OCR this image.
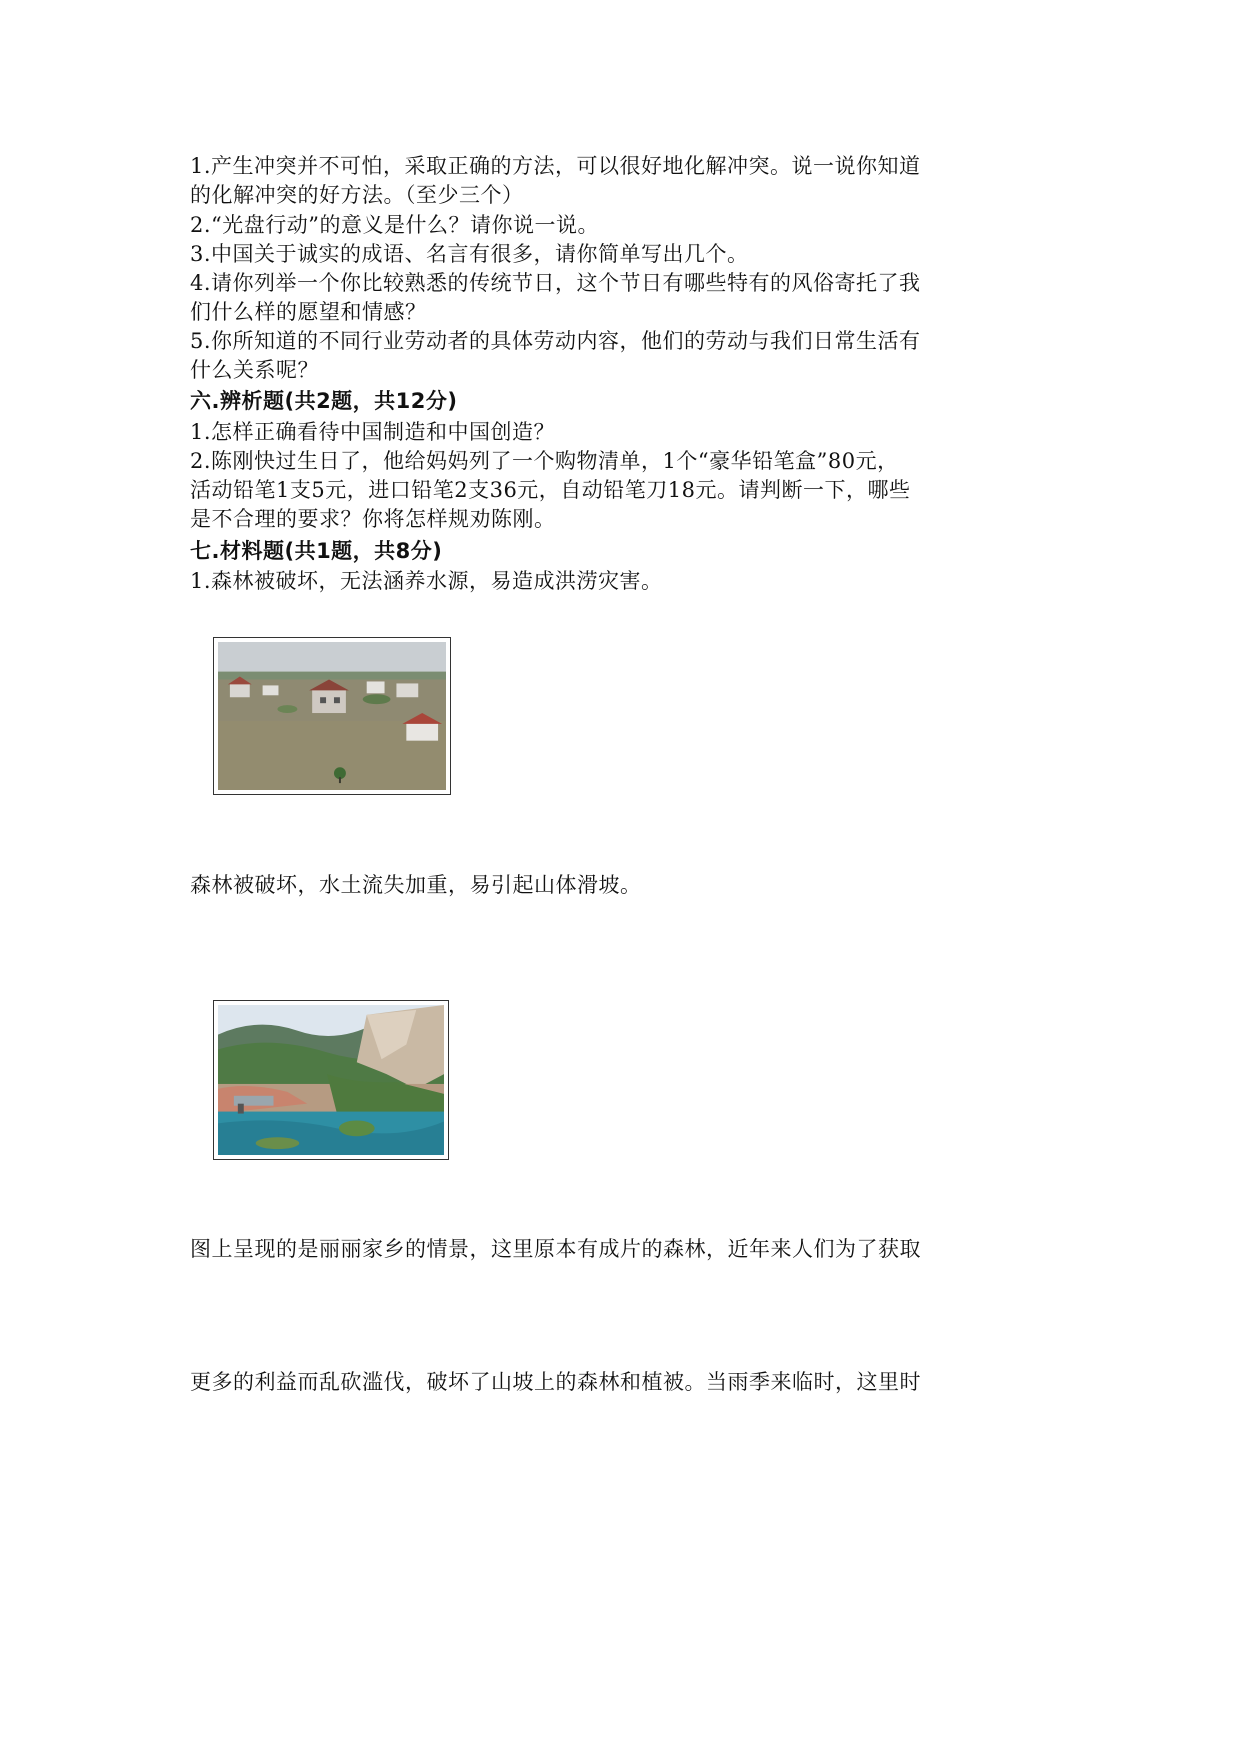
1.产生冲突并不可怕，采取正确的方法，可以很好地化解冲突。说一说你知道
的化解冲突的好方法。（至少三个）
2.“光盘行动”的意义是什么？请你说一说。
3.中国关于诚实的成语、名言有很多，请你简单写出几个。
4.请你列举一个你比较熟悉的传统节日，这个节日有哪些特有的风俗寄托了我
们什么样的愿望和情感？
5.你所知道的不同行业劳动者的具体劳动内容，他们的劳动与我们日常生活有
什么关系呢？
六.辨析题(共2题，共12分)
1.怎样正确看待中国制造和中国创造？
2.陈刚快过生日了，他给妈妈列了一个购物清单，1个“豪华铅笔盒”80元，
活动铅笔1支5元，进口铅笔2支36元，自动铅笔刀18元。请判断一下，哪些
是不合理的要求？你将怎样规劝陈刚。
七.材料题(共1题，共8分)
1.森林被破坏，无法涵养水源，易造成洪涝灾害。
森林被破坏，水土流失加重，易引起山体滑坡。
图上呈现的是丽丽家乡的情景，这里原本有成片的森林，近年来人们为了获取
更多的利益而乱砍滥伐，破坏了山坡上的森林和植被。当雨季来临时，这里时
